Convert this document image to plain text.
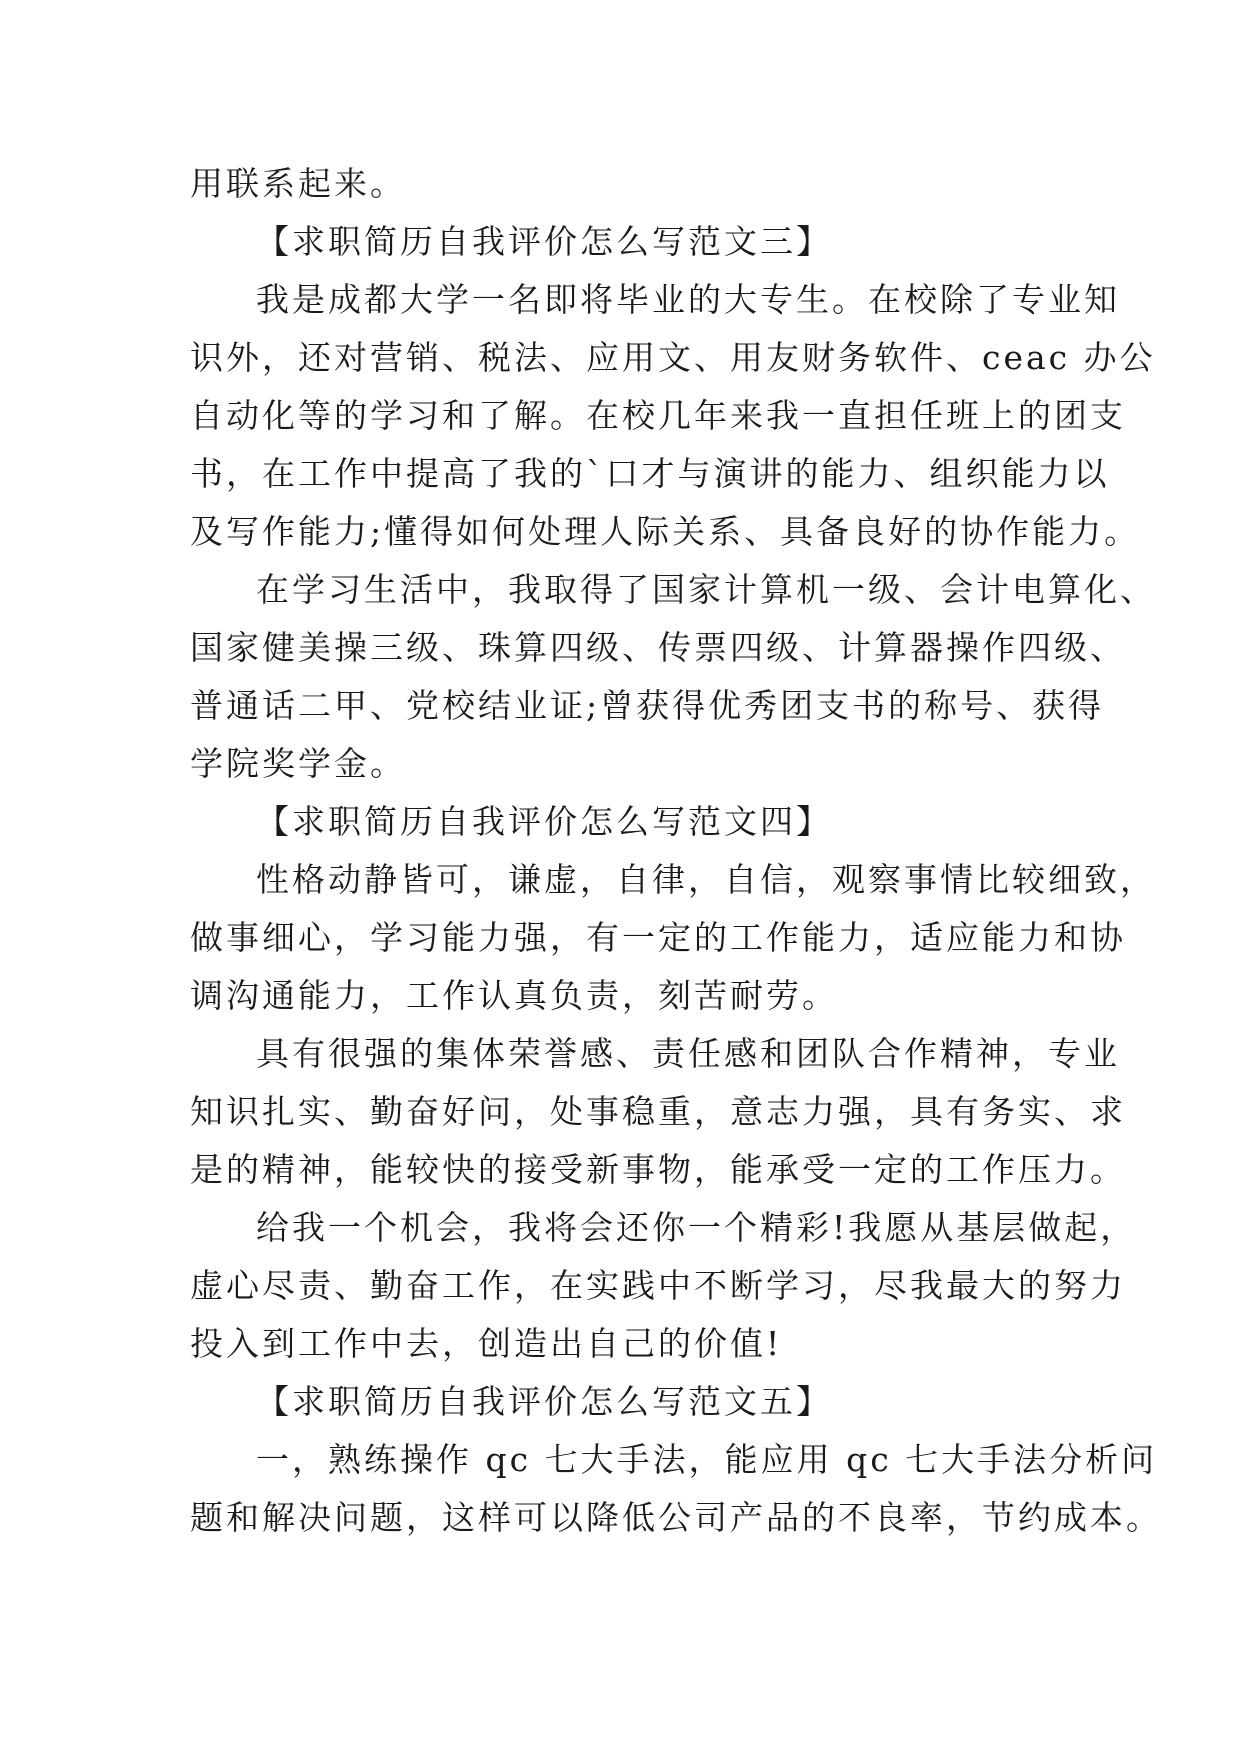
用联系起来。
【求职简历自我评价怎么写范文三】
我是成都大学一名即将毕业的大专生。在校除了专业知
识外，还对营销、税法、应用文、用友财务软件、ceac 办公
自动化等的学习和了解。在校几年来我一直担任班上的团支
书，在工作中提高了我的`口才与演讲的能力、组织能力以
及写作能力;懂得如何处理人际关系、具备良好的协作能力。
在学习生活中，我取得了国家计算机一级、会计电算化、
国家健美操三级、珠算四级、传票四级、计算器操作四级、
普通话二甲、党校结业证;曾获得优秀团支书的称号、获得
学院奖学金。
【求职简历自我评价怎么写范文四】
性格动静皆可，谦虚，自律，自信，观察事情比较细致，
做事细心，学习能力强，有一定的工作能力，适应能力和协
调沟通能力，工作认真负责，刻苦耐劳。
具有很强的集体荣誉感、责任感和团队合作精神，专业
知识扎实、勤奋好问，处事稳重，意志力强，具有务实、求
是的精神，能较快的接受新事物，能承受一定的工作压力。
给我一个机会，我将会还你一个精彩!我愿从基层做起，
虚心尽责、勤奋工作，在实践中不断学习，尽我最大的努力
投入到工作中去，创造出自己的价值!
【求职简历自我评价怎么写范文五】
一，熟练操作 qc 七大手法，能应用 qc 七大手法分析问
题和解决问题，这样可以降低公司产品的不良率，节约成本。
